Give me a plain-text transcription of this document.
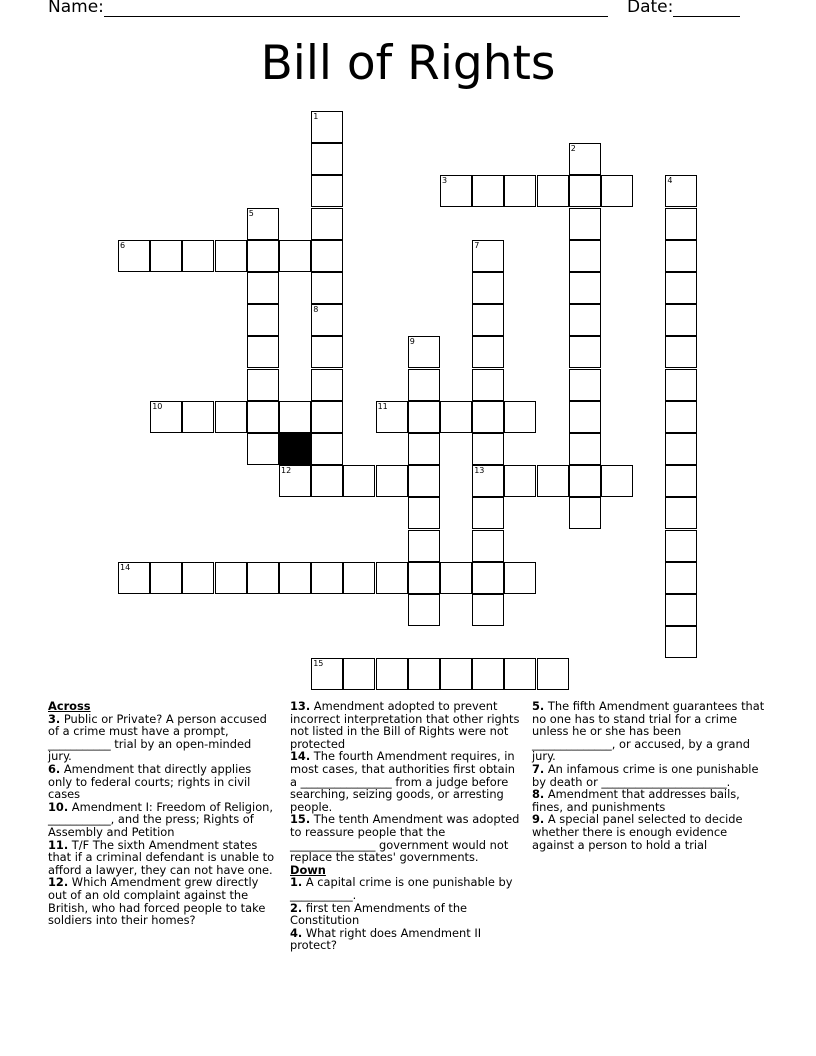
Name:	Date:
Bill of Rights
1
8
2
3	4
5
6	7
13
9
10	11
12
14
15
Across
3. Public or Private? A person accused of a crime must have a prompt, ___________ trial by an open-minded jury.
6. Amendment that directly applies only to federal courts; rights in civil cases
10. Amendment I: Freedom of Religion, ___________, and the press; Rights of Assembly and Petition
11. T/F The sixth Amendment states that if a criminal defendant is unable to afford a lawyer, they can not have one.
12. Which Amendment grew directly out of an old complaint against the British, who had forced people to take soldiers into their homes?
13. Amendment adopted to prevent incorrect interpretation that other rights not listed in the Bill of Rights were not protected
14. The fourth Amendment requires, in most cases, that authorities first obtain a ________________ from a judge before searching, seizing goods, or arresting people.
15. The tenth Amendment was adopted to reassure people that the _______________ government would not replace the states' governments.
Down
1. A capital crime is one punishable by ___________.
2. first ten Amendments of the Constitution
4. What right does Amendment II protect?
5. The fifth Amendment guarantees that no one has to stand trial for a crime unless he or she has been ______________, or accused, by a grand jury.
7. An infamous crime is one punishable by death or ______________________.
8. Amendment that addresses bails, fines, and punishments
9. A special panel selected to decide whether there is enough evidence against a person to hold a trial
